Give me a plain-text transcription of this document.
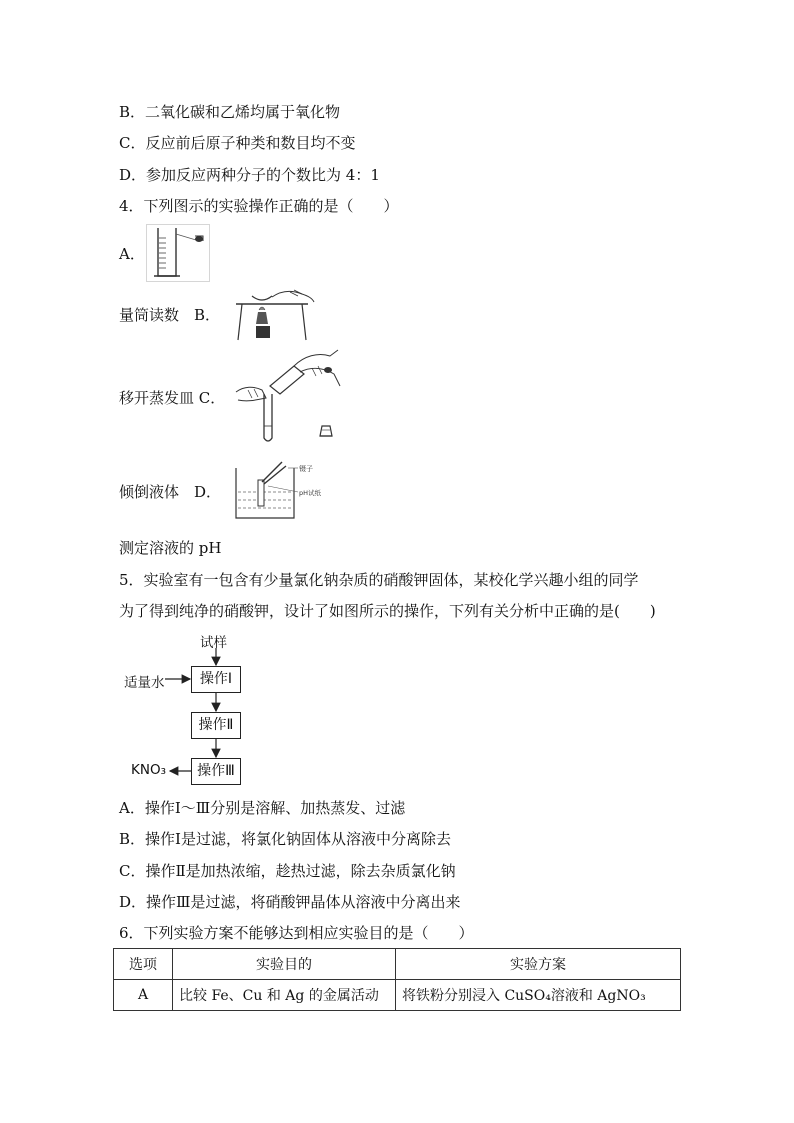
B．二氧化碳和乙烯均属于氧化物
C．反应前后原子种类和数目均不变
D．参加反应两种分子的个数比为 4：1
4．下列图示的实验操作正确的是（　　）
A．
量筒读数　B．
移开蒸发皿 C．
倾倒液体　D．
镊子
pH试纸
测定溶液的 pH
5．实验室有一包含有少量氯化钠杂质的硝酸钾固体，某校化学兴趣小组的同学
为了得到纯净的硝酸钾，设计了如图所示的操作，下列有关分析中正确的是(　　)
试样
适量水	操作Ⅰ
操作Ⅱ
操作Ⅲ
KNO₃
A．操作Ⅰ～Ⅲ分别是溶解、加热蒸发、过滤
B．操作Ⅰ是过滤，将氯化钠固体从溶液中分离除去
C．操作Ⅱ是加热浓缩，趁热过滤，除去杂质氯化钠
D．操作Ⅲ是过滤，将硝酸钾晶体从溶液中分离出来
6．下列实验方案不能够达到相应实验目的是（　　）
选项	实验目的	实验方案
A	比较 Fe、Cu 和 Ag 的金属活动	将铁粉分别浸入 CuSO₄溶液和 AgNO₃
